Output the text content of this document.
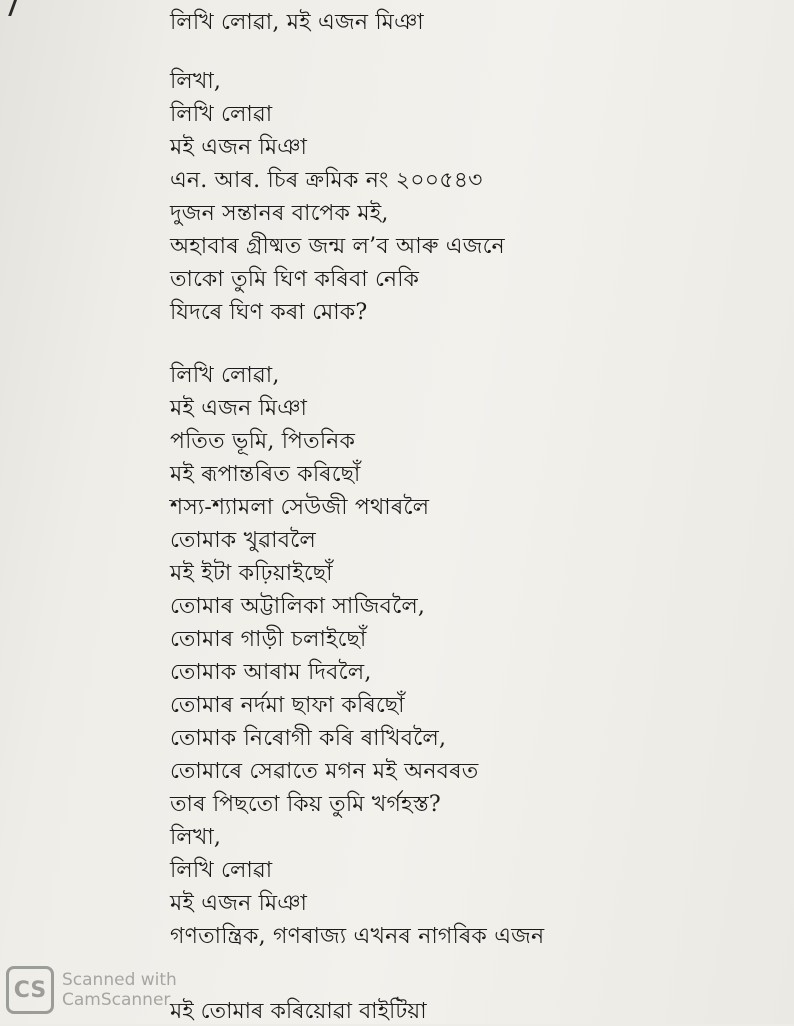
লিখি লোৱা, মই এজন মিঞা
লিখা,
লিখি লোৱা
মই এজন মিঞা
এন. আৰ. চিৰ ক্ৰমিক নং ২০০৫৪৩
দুজন সন্তানৰ বাপেক মই,
অহাবাৰ গ্ৰীষ্মত জন্ম ল’ব আৰু এজনে
তাকো তুমি ঘিণ কৰিবা নেকি
যিদৰে ঘিণ কৰা মোক?
লিখি লোৱা,
মই এজন মিঞা
পতিত ভূমি, পিতনিক
মই ৰূপান্তৰিত কৰিছোঁ
শস্য-শ্যামলা সেউজী পথাৰলৈ
তোমাক খুৱাবলৈ
মই ইটা কঢ়িয়াইছোঁ
তোমাৰ অট্টালিকা সাজিবলৈ,
তোমাৰ গাড়ী চলাইছোঁ
তোমাক আৰাম দিবলৈ,
তোমাৰ নৰ্দমা ছাফা কৰিছোঁ
তোমাক নিৰোগী কৰি ৰাখিবলৈ,
তোমাৰে সেৱাতে মগন মই অনবৰত
তাৰ পিছতো কিয় তুমি খৰ্গহস্ত?
লিখা,
লিখি লোৱা
মই এজন মিঞা
গণতান্ত্ৰিক, গণৰাজ্য এখনৰ নাগৰিক এজন
মই তোমাৰ কৰিয়োৱা বাইটিয়া
CS Scanned with
CamScanner
